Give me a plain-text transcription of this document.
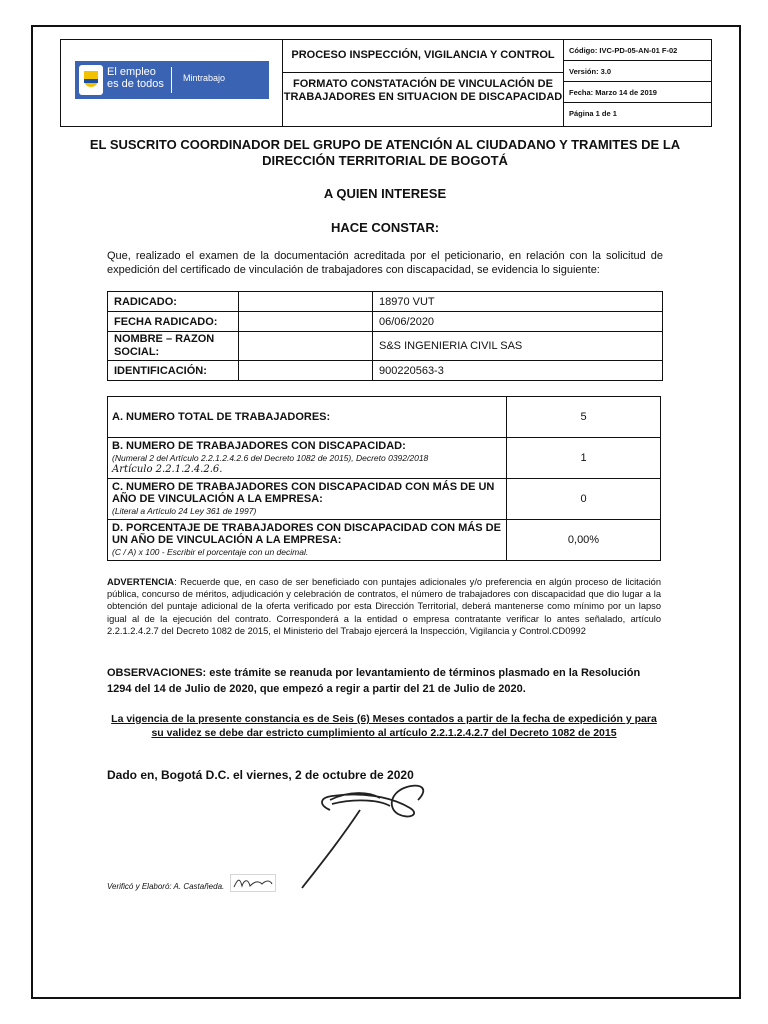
El empleo
es de todos Mintrabajo
PROCESO INSPECCIÓN, VIGILANCIA Y CONTROL
FORMATO CONSTATACIÓN DE VINCULACIÓN DE TRABAJADORES EN SITUACION DE DISCAPACIDAD
Código: IVC-PD-05-AN-01 F-02
Versión: 3.0
Fecha: Marzo 14 de 2019
Página 1 de 1
EL SUSCRITO COORDINADOR DEL GRUPO DE ATENCIÓN AL CIUDADANO Y TRAMITES DE LA DIRECCIÓN TERRITORIAL DE BOGOTÁ
A QUIEN INTERESE
HACE CONSTAR:
Que, realizado el examen de la documentación acreditada por el peticionario, en relación con la solicitud de expedición del certificado de vinculación de trabajadores con discapacidad, se evidencia lo siguiente:
RADICADO:		18970 VUT
FECHA RADICADO:		06/06/2020
NOMBRE – RAZON SOCIAL:		S&S INGENIERIA CIVIL SAS
IDENTIFICACIÓN:		900220563-3
A. NUMERO TOTAL DE TRABAJADORES:	5
B. NUMERO DE TRABAJADORES CON DISCAPACIDAD:
(Numeral 2 del Artículo 2.2.1.2.4.2.6 del Decreto 1082 de 2015), Decreto 0392/2018
Artículo 2.2.1.2.4.2.6.	1
C. NUMERO DE TRABAJADORES CON DISCAPACIDAD CON MÁS DE UN AÑO DE VINCULACIÓN A LA EMPRESA:
(Literal a Artículo 24 Ley 361 de 1997)	0
D. PORCENTAJE DE TRABAJADORES CON DISCAPACIDAD CON MÁS DE UN AÑO DE VINCULACIÓN A LA EMPRESA:
(C / A) x 100 - Escribir el porcentaje con un decimal.	0,00%
ADVERTENCIA: Recuerde que, en caso de ser beneficiado con puntajes adicionales y/o preferencia en algún proceso de licitación pública, concurso de méritos, adjudicación y celebración de contratos, el número de trabajadores con discapacidad que dio lugar a la obtención del puntaje adicional de la oferta verificado por esta Dirección Territorial, deberá mantenerse como mínimo por un lapso igual al de la ejecución del contrato. Corresponderá a la entidad o empresa contratante verificar lo antes señalado, artículo 2.2.1.2.4.2.7 del Decreto 1082 de 2015, el Ministerio del Trabajo ejercerá la Inspección, Vigilancia y Control.CD0992
OBSERVACIONES: este trámite se reanuda por levantamiento de términos plasmado en la Resolución 1294 del 14 de Julio de 2020, que empezó a regir a partir del 21 de Julio de 2020.
La vigencia de la presente constancia es de Seis (6) Meses contados a partir de la fecha de expedición y para su validez se debe dar estricto cumplimiento al artículo 2.2.1.2.4.2.7 del Decreto 1082 de 2015
Dado en, Bogotá D.C. el viernes, 2 de octubre de 2020
Verificó y Elaboró: A. Castañeda.
